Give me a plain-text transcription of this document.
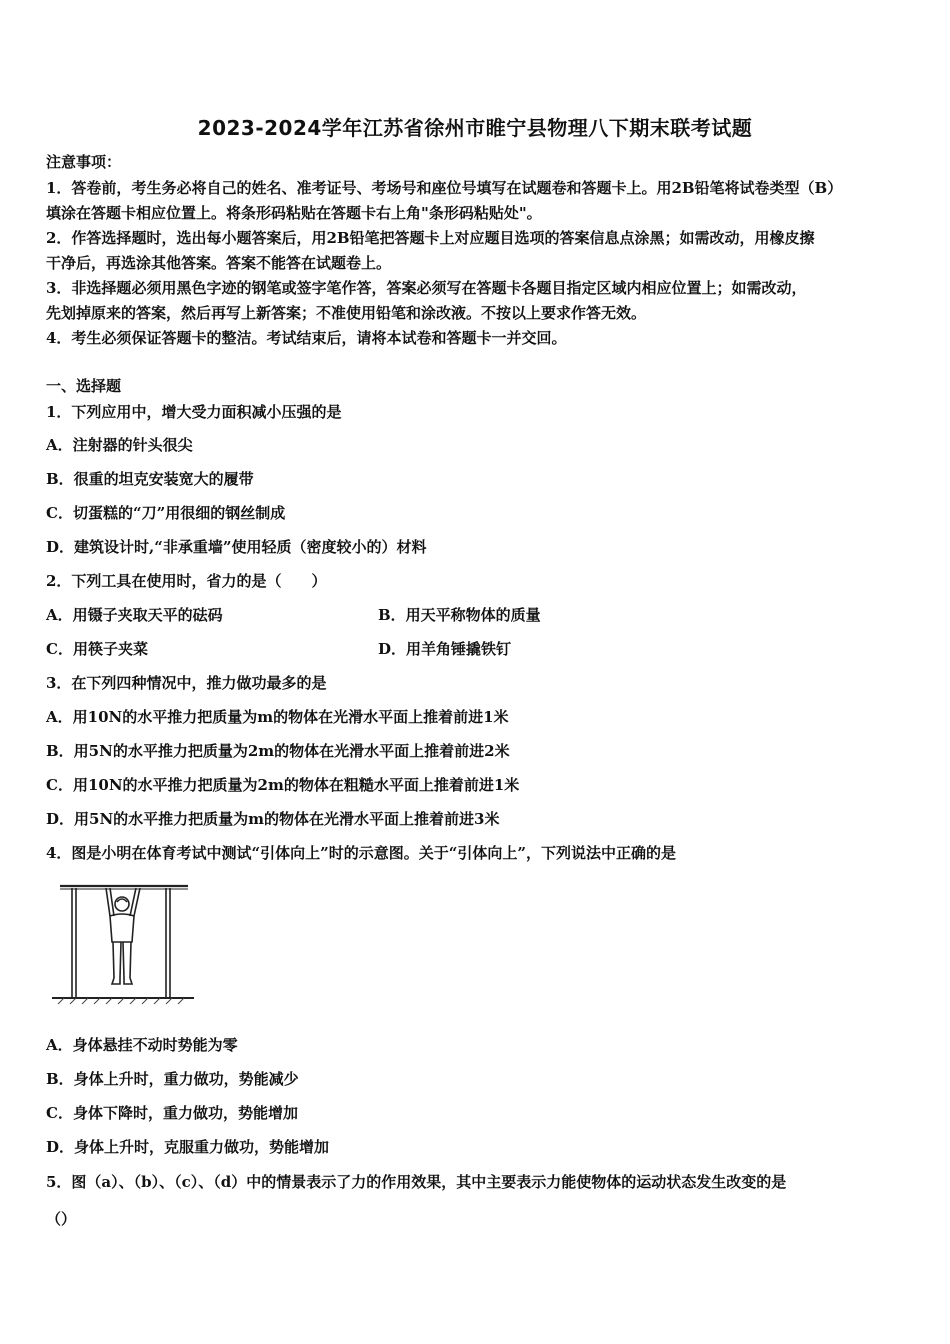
2023-2024学年江苏省徐州市睢宁县物理八下期末联考试题
注意事项：
1．答卷前，考生务必将自己的姓名、准考证号、考场号和座位号填写在试题卷和答题卡上。用2B铅笔将试卷类型（B）
填涂在答题卡相应位置上。将条形码粘贴在答题卡右上角"条形码粘贴处"。
2．作答选择题时，选出每小题答案后，用2B铅笔把答题卡上对应题目选项的答案信息点涂黑；如需改动，用橡皮擦
干净后，再选涂其他答案。答案不能答在试题卷上。
3．非选择题必须用黑色字迹的钢笔或签字笔作答，答案必须写在答题卡各题目指定区域内相应位置上；如需改动，
先划掉原来的答案，然后再写上新答案；不准使用铅笔和涂改液。不按以上要求作答无效。
4．考生必须保证答题卡的整洁。考试结束后，请将本试卷和答题卡一并交回。
一、选择题
1．下列应用中，增大受力面积减小压强的是
A．注射器的针头很尖
B．很重的坦克安装宽大的履带
C．切蛋糕的“刀”用很细的钢丝制成
D．建筑设计时,“非承重墙”使用轻质（密度较小的）材料
2．下列工具在使用时，省力的是（　　）
A．用镊子夹取天平的砝码	B．用天平称物体的质量
C．用筷子夹菜	D．用羊角锤撬铁钉
3．在下列四种情况中，推力做功最多的是
A．用10N的水平推力把质量为m的物体在光滑水平面上推着前进1米
B．用5N的水平推力把质量为2m的物体在光滑水平面上推着前进2米
C．用10N的水平推力把质量为2m的物体在粗糙水平面上推着前进1米
D．用5N的水平推力把质量为m的物体在光滑水平面上推着前进3米
4．图是小明在体育考试中测试“引体向上”时的示意图。关于“引体向上”，下列说法中正确的是
A．身体悬挂不动时势能为零
B．身体上升时，重力做功，势能减少
C．身体下降时，重力做功，势能增加
D．身体上升时，克服重力做功，势能增加
5．图（a）、（b）、（c）、（d）中的情景表示了力的作用效果，其中主要表示力能使物体的运动状态发生改变的是
（）
